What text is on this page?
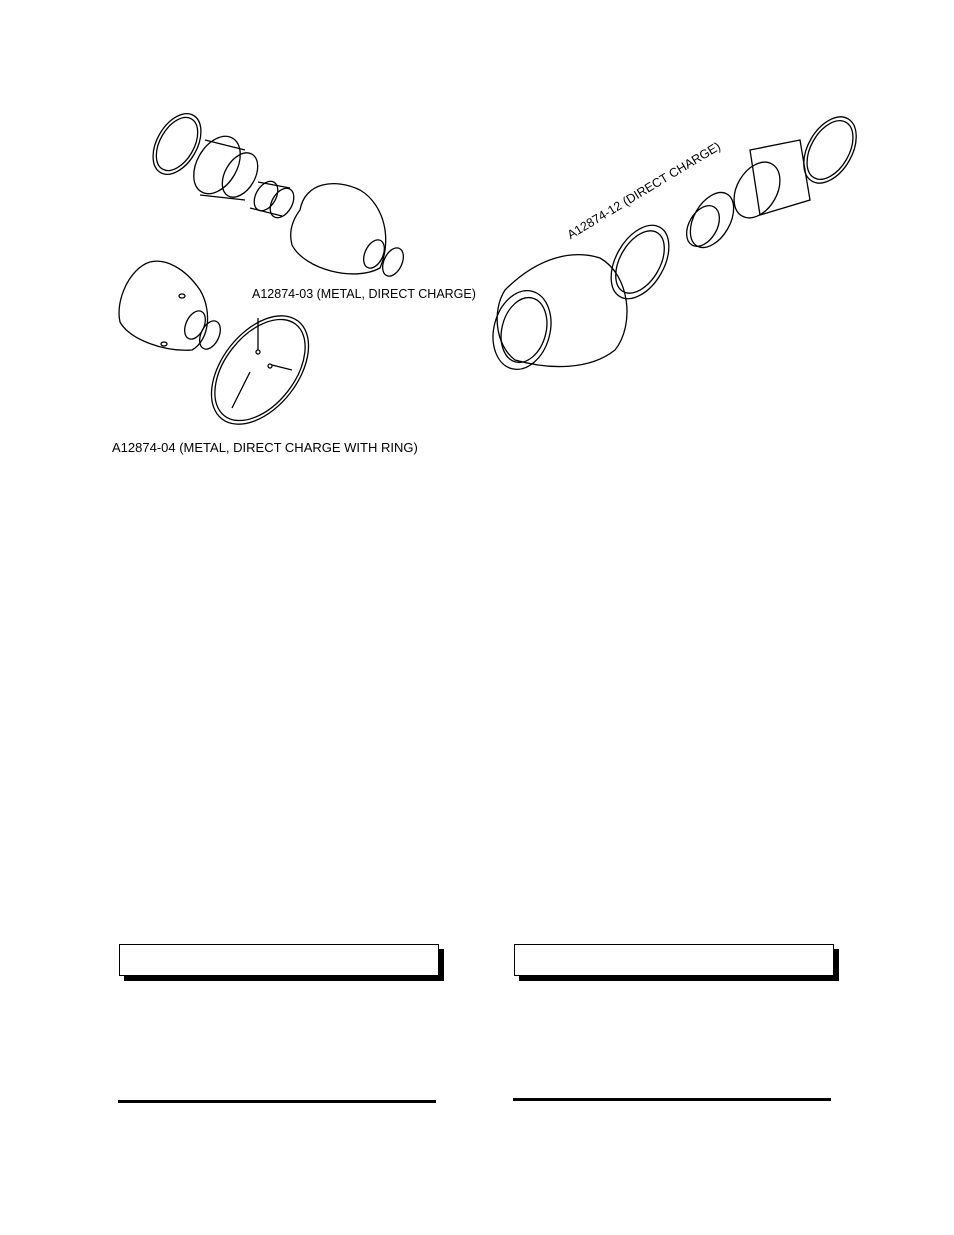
A12874-03 (METAL, DIRECT CHARGE)
A12874-04 (METAL, DIRECT CHARGE WITH RING)
A12874-12 (DIRECT CHARGE)
